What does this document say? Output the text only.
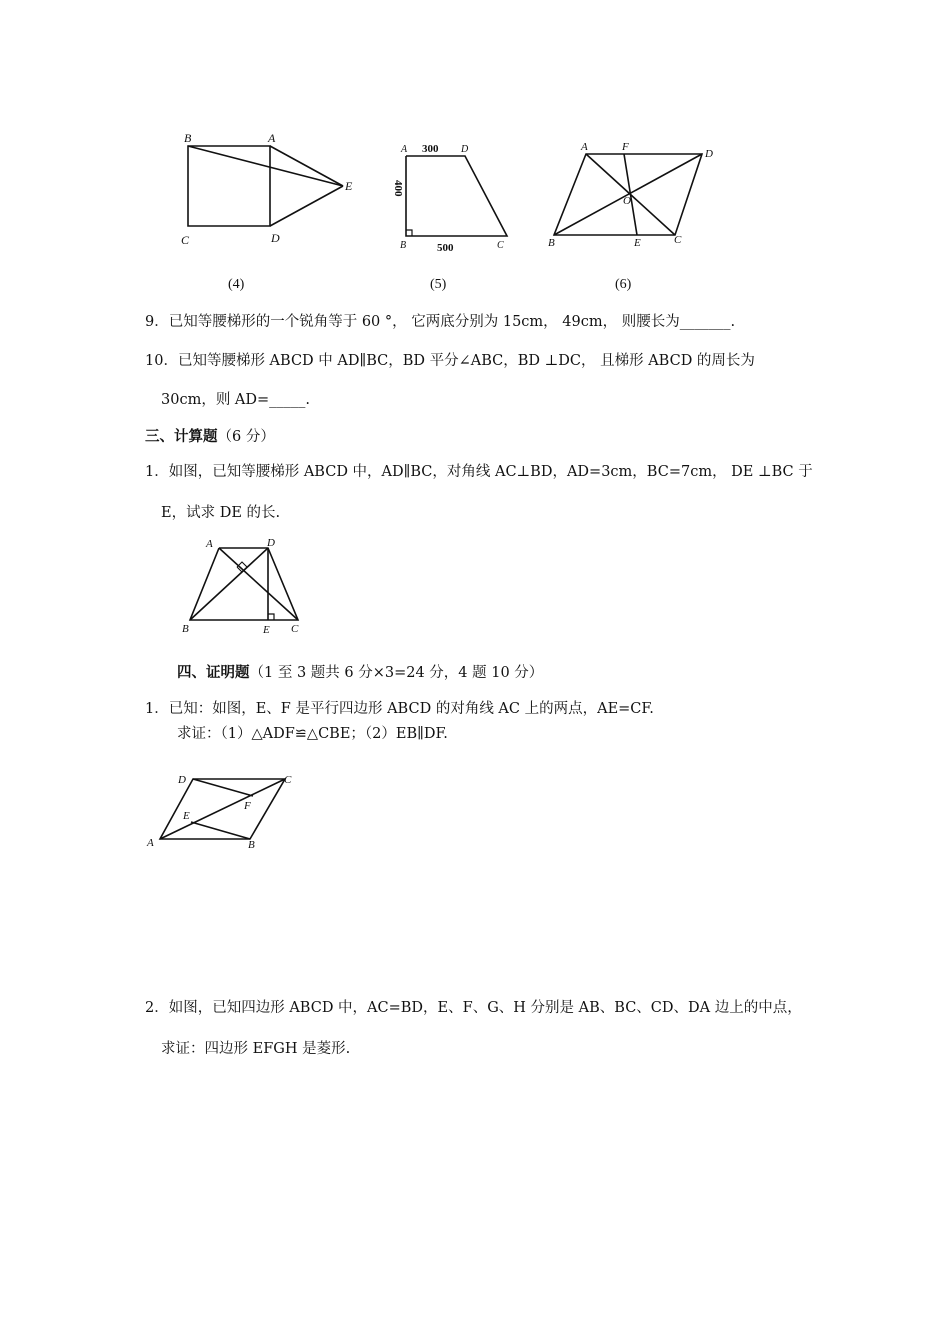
B	A
E
C	D
(4)
A	D
B	C
300
500
400
(5)
A	F
D
O
B	E	C
(6)
9．已知等腰梯形的一个锐角等于 60 °， 它两底分别为 15cm， 49cm， 则腰长为_______.
10．已知等腰梯形 ABCD 中 AD∥BC，BD 平分∠ABC，BD ⊥DC， 且梯形 ABCD 的周长为
30cm，则 AD=_____.
三、计算题（6 分）
1．如图，已知等腰梯形 ABCD 中，AD∥BC，对角线 AC⊥BD，AD=3cm，BC=7cm， DE ⊥BC 于
E，试求 DE 的长.
A	D
B	E C
四、证明题（1 至 3 题共 6 分×3=24 分，4 题 10 分）
1．已知：如图，E、F 是平行四边形 ABCD 的对角线 AC 上的两点，AE=CF.
求证：（1）△ADF≌△CBE；（2）EB∥DF.
D	C
F
E
A	B
2．如图，已知四边形 ABCD 中，AC=BD，E、F、G、H 分别是 AB、BC、CD、DA 边上的中点，
求证：四边形 EFGH 是菱形.
